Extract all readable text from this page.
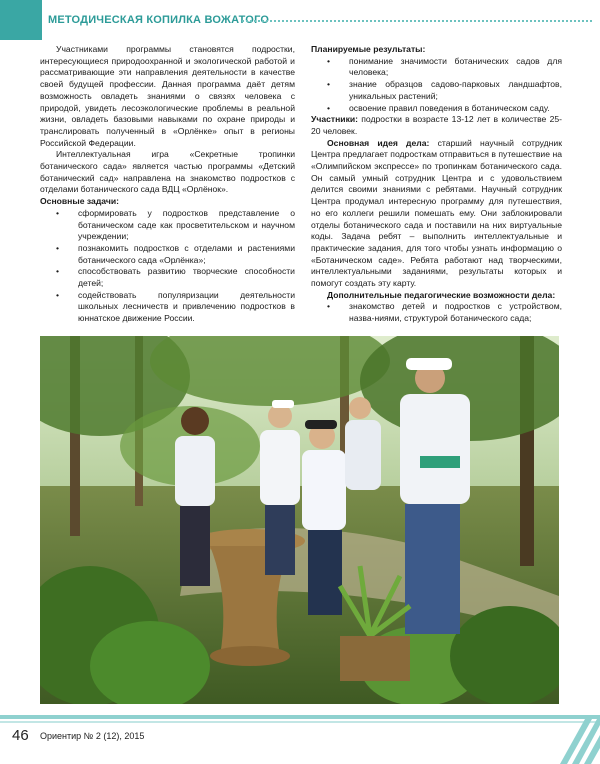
МЕТОДИЧЕСКАЯ КОПИЛКА ВОЖАТОГО

Участниками программы становятся подростки, интересующиеся природоохранной и экологической работой и рассматривающие эти направления деятельности в качестве своей будущей профессии. Данная программа даёт детям возможность овладеть знаниями о связях человека с природой, увидеть лесоэкологические проблемы в реальной жизни, овладеть базовыми навыками по охране природы и транслировать полученный в «Орлёнке» опыт в регионы Российской Федерации.

Интеллектуальная игра «Секретные тропинки ботанического сада» является частью программы «Детский ботанический сад» направлена на знакомство подростков с отделами ботанического сада ВДЦ «Орлёнок».

Основные задачи:

•	сформировать у подростков представление о ботаническом саде как просветительском и научном учреждении;
•	познакомить подростков с отделами и растениями ботанического сада «Орлёнка»;
•	способствовать развитию творческие способности детей;
•	содействовать популяризации деятельности школьных лесничеств и привлечению подростков в юннатское движение России.

Планируемые результаты:

•	понимание значимости ботанических садов для человека;
•	знание образцов садово-парковых ландшафтов, уникальных растений;
•	освоение правил поведения в ботаническом саду.

Участники: подростки в возрасте 13-12 лет в количестве 25-20 человек.

Основная идея дела: старший научный сотрудник Центра предлагает подросткам отправиться в путешествие на «Олимпийском экспрессе» по тропинкам ботанического сада. Он самый умный сотрудник Центра и с удовольствием делится своими знаниями с ребятами. Научный сотрудник Центра продумал интересную программу для путешествия, но его коллеги решили помешать ему. Они заблокировали отделы ботанического сада и поставили на них виртуальные коды. Задача ребят – выполнить интеллектуальные и практические задания, для того чтобы узнать информацию о «Ботаническом саде». Ребята работают над творческими, интеллектуальными заданиями, результаты которых и помогут создать эту карту.

Дополнительные педагогические возможности дела:

•	знакомство детей и подростков с устройством, назва-ниями, структурой ботанического сада;
46 Ориентир № 2 (12), 2015
